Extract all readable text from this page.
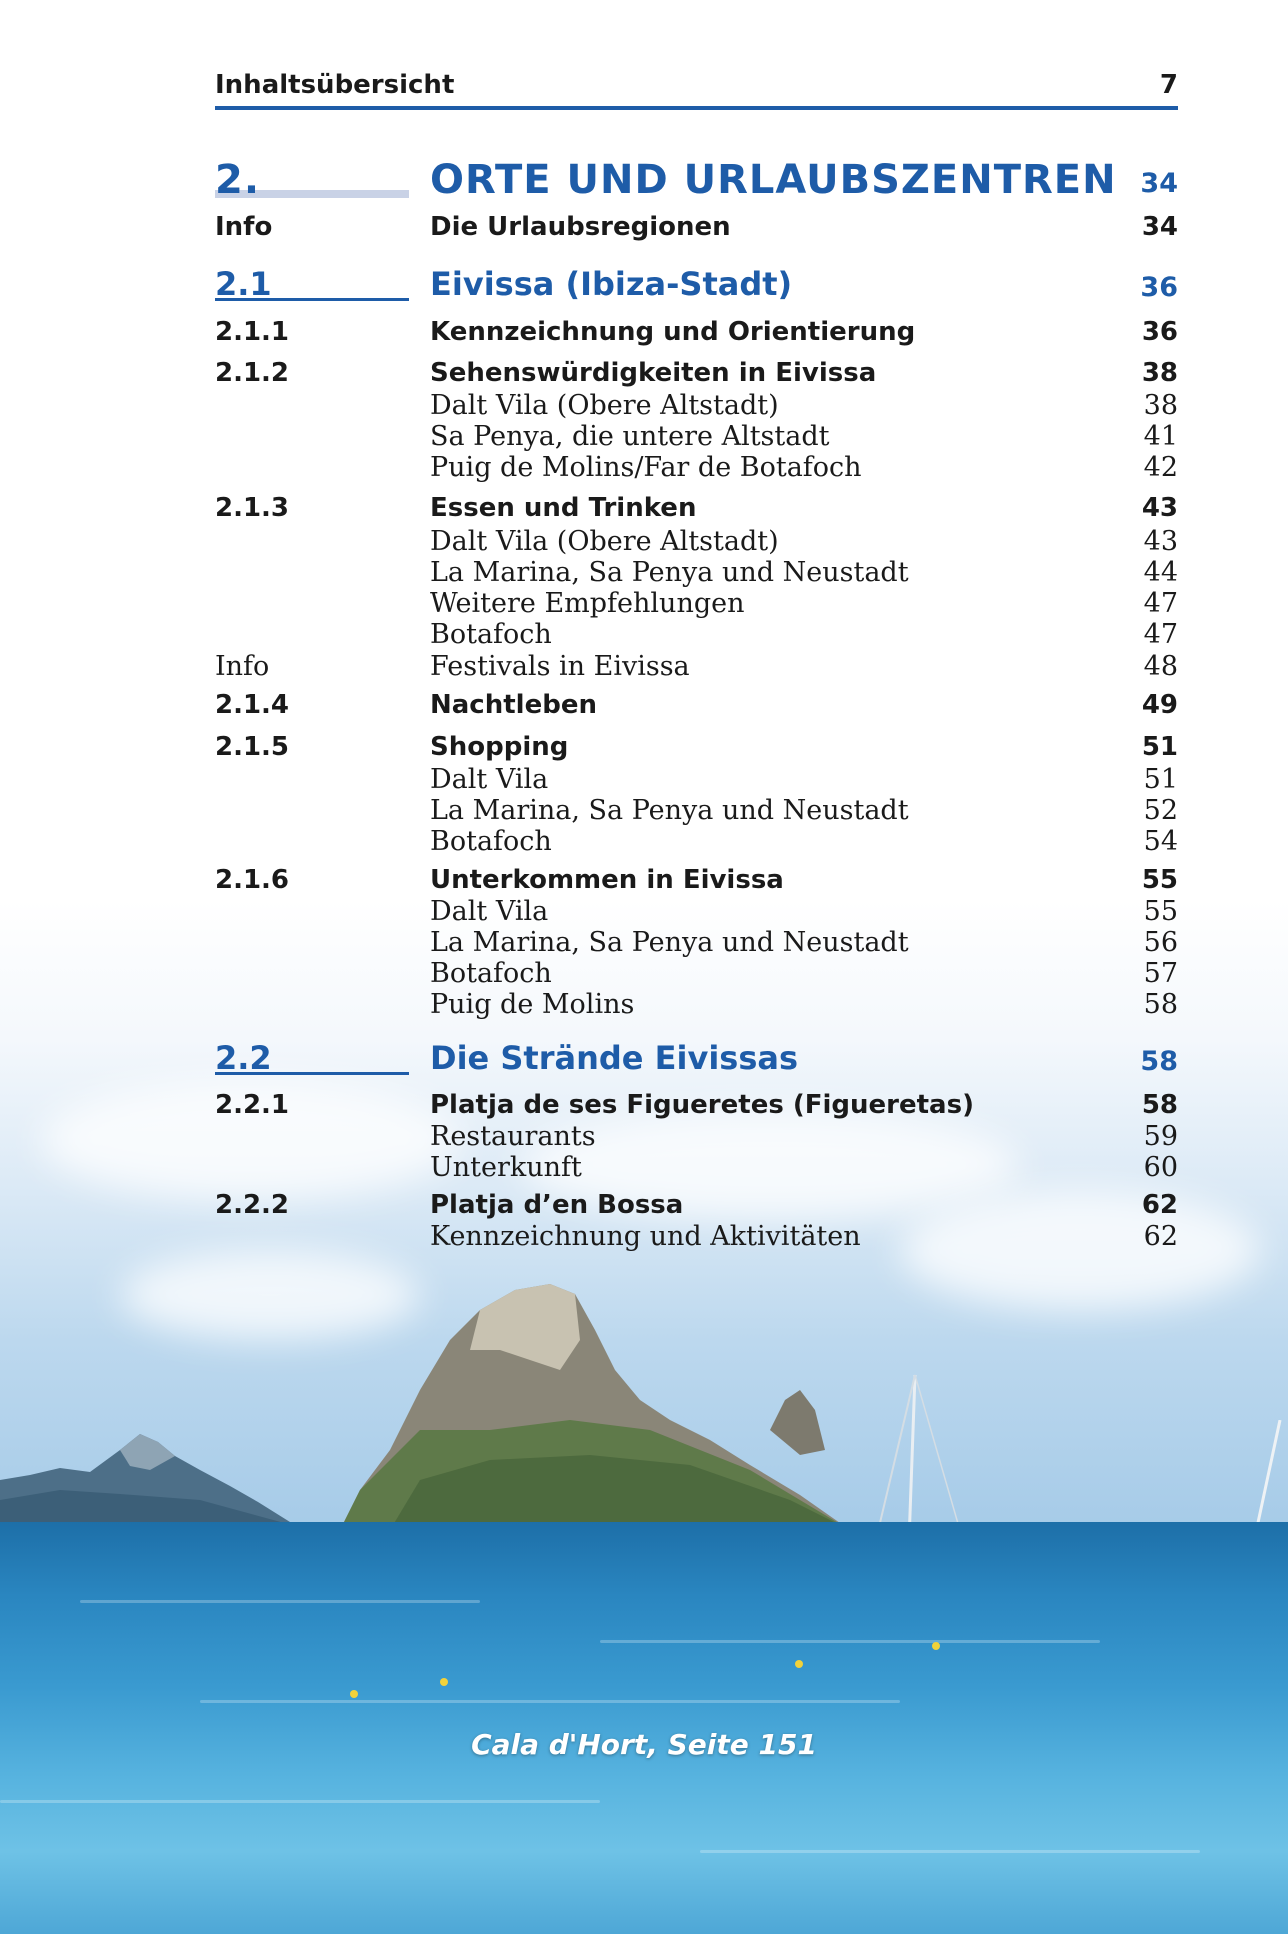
Inhaltsübersicht	7
2.	ORTE UND URLAUBSZENTREN 34
Info	Die Urlaubsregionen	34
2.1	Eivissa (Ibiza-Stadt)	36
2.1.1	Kennzeichnung und Orientierung	36
2.1.2	Sehenswürdigkeiten in Eivissa	38
Dalt Vila (Obere Altstadt)	38
Sa Penya, die untere Altstadt	41
Puig de Molins/Far de Botafoch	42
2.1.3	Essen und Trinken	43
Dalt Vila (Obere Altstadt)	43
La Marina, Sa Penya und Neustadt	44
Weitere Empfehlungen	47
Botafoch	47
Info	Festivals in Eivissa	48
2.1.4	Nachtleben	49
2.1.5	Shopping	51
Dalt Vila	51
La Marina, Sa Penya und Neustadt	52
Botafoch	54
2.1.6	Unterkommen in Eivissa	55
Dalt Vila	55
La Marina, Sa Penya und Neustadt	56
Botafoch	57
Puig de Molins	58
2.2	Die Strände Eivissas	58
2.2.1	Platja de ses Figueretes (Figueretas)	58
Restaurants	59
Unterkunft	60
2.2.2	Platja d’en Bossa	62
Kennzeichnung und Aktivitäten	62
Cala d'Hort, Seite 151
